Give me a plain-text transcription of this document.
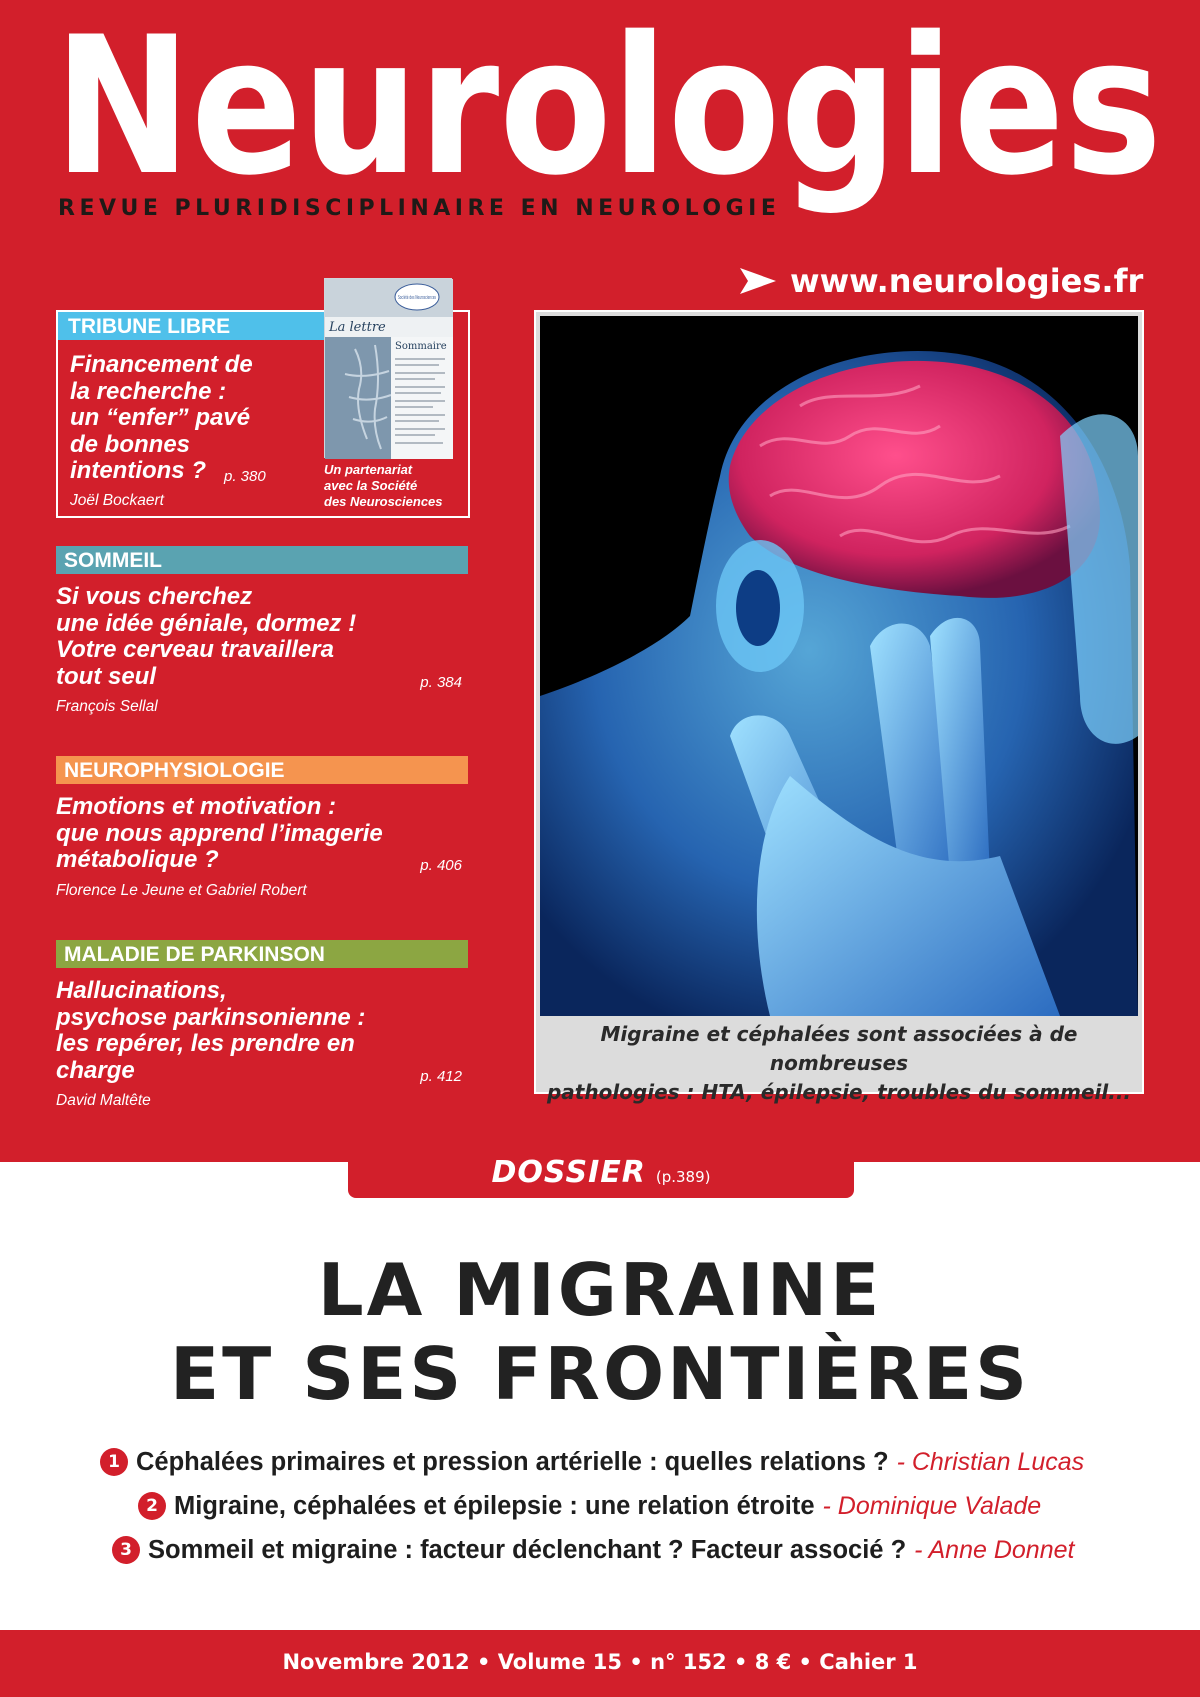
Neurologies
REVUE PLURIDISCIPLINAIRE EN NEUROLOGIE
www.neurologies.fr
TRIBUNE LIBRE
Financement de
la recherche :
un “enfer” pavé
de bonnes
intentions ?	p. 380
Joël Bockaert
Société des Neurosciences
La lettre
Sommaire
Un partenariat
avec la Société
des Neurosciences
SOMMEIL
Si vous cherchez
une idée géniale, dormez !
Votre cerveau travaillera
tout seul	p. 384
François Sellal
NEUROPHYSIOLOGIE
Emotions et motivation :
que nous apprend l’imagerie
métabolique ?	p. 406
Florence Le Jeune et Gabriel Robert
MALADIE DE PARKINSON
Hallucinations,
psychose parkinsonienne :
les repérer, les prendre en
charge	p. 412
David Maltête
Migraine et céphalées sont associées à de nombreuses
pathologies : HTA, épilepsie, troubles du sommeil...
DOSSIER (p.389)
LA MIGRAINE
ET SES FRONTIÈRES
1 Céphalées primaires et pression artérielle : quelles relations ? - Christian Lucas
2 Migraine, céphalées et épilepsie : une relation étroite - Dominique Valade
3 Sommeil et migraine : facteur déclenchant ? Facteur associé ? - Anne Donnet
Novembre 2012 • Volume 15 • n° 152 • 8 € • Cahier 1
